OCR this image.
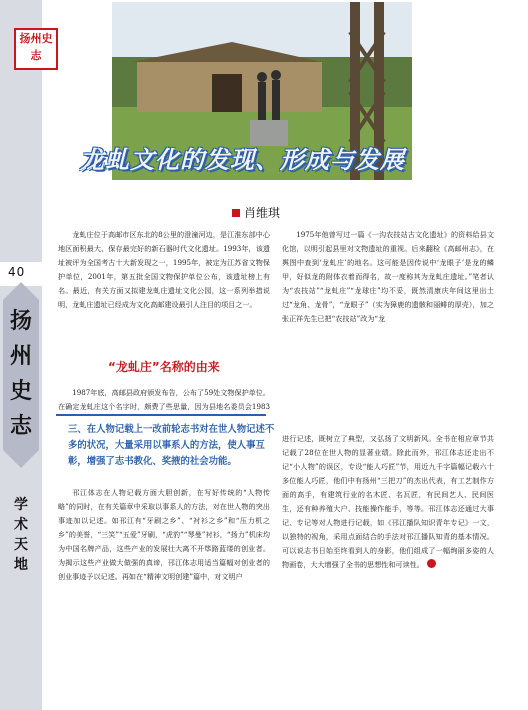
40
扬州史志
扬州史志
学术天地
龙虬文化的发现、形成与发展
肖维琪

龙虬庄位于高邮市区东北的8公里的澄潼河边，是江淮东部中心地区面积最大、保存最完好的新石器时代文化遗址。1993年，该遗址被评为全国考古十大新发现之一，1995年，被定为江苏省文物保护单位，2001年，第五批全国文物保护单位公布，该遗址榜上有名。最近，有关方面又拟建龙虬庄遗址文化公园，这一系列举措说明，龙虬庄遗址已经成为文化高邮建设最引人注目的项目之一。

“龙虬庄”名称的由来

1987年底，高邮县政府颁发布告，公布了59处文物保护单位。在确定龙虬庄这个名字时，颇费了些思量，因为县地名委员会1983

1975年他曾写过一篇《一沟农技站古文化遗址》的资料给县文化馆，以明引起县里对文物遗址的重视。后来翻检《高邮州志》，在舆图中查到‘龙虬庄’的地名。这可能是因传说中‘龙眼子’是龙的鳞甲，好似龙的附体衣着而得名，故一度称其为龙虬庄遗址。”笔者认为“农技站”“龙虬庄”“龙球庄”均不妥，既然清康庆年间这里出土过“龙角、龙骨”，“龙眼子”（实为獐鹿的遗骸和丽鲱的厚壳），加之张正祥先生已把“农技站”改为“龙

三、在人物记载上一改前轮志书对在世人物记述不多的状况，大量采用以事系人的方法，使人事互彰，增强了志书教化、奖掖的社会功能。

邗江体志在人物记载方面大胆创新，在写好传统的“人物传略”的同时，在有关篇章中采取以事系人的方法，对在世人物的突出事迹加以记述。如邗江有“牙刷之乡”、“衬衫之乡”和“压力机之乡”的美誉，“三笑”“五爱”牙刷，“虎豹”“琴曼”衬衫，“扬力”机床均为中国名牌产品，这些产业的发展壮大离不开筚路蓝缕的创业者。为揭示这些产业做大做强的真谛，邗江体志用适当篇幅对创业者的创业事迹予以记述。再如在“精神文明创建”篇中，对文明户

进行记述，既树立了典型，又弘扬了文明新风。全书在相应章节共记载了28位在世人物的显著业绩。除此而外，邗江体志还走出不记“小人物”的误区，专设“能人巧匠”节，用近九千字篇幅记载六十多位能人巧匠，他们中有扬州“三把刀”的杰出代表，有工艺制作方面的高手，有建筑行业的名木匠、名瓦匠，有民间艺人、民间医生，还有种养殖大户、技能操作能手，等等。邗江体志还通过大事记、专记等对人物进行记载，如《邗江播队知识青年专记》一文，以独特的视角，采用点面结合的手法对邗江播队知青的基本情况。可以说志书日始至终看到人的身影，他们组成了一幅绚丽多姿的人物画卷，大大增强了全书的思想性和可读性。
